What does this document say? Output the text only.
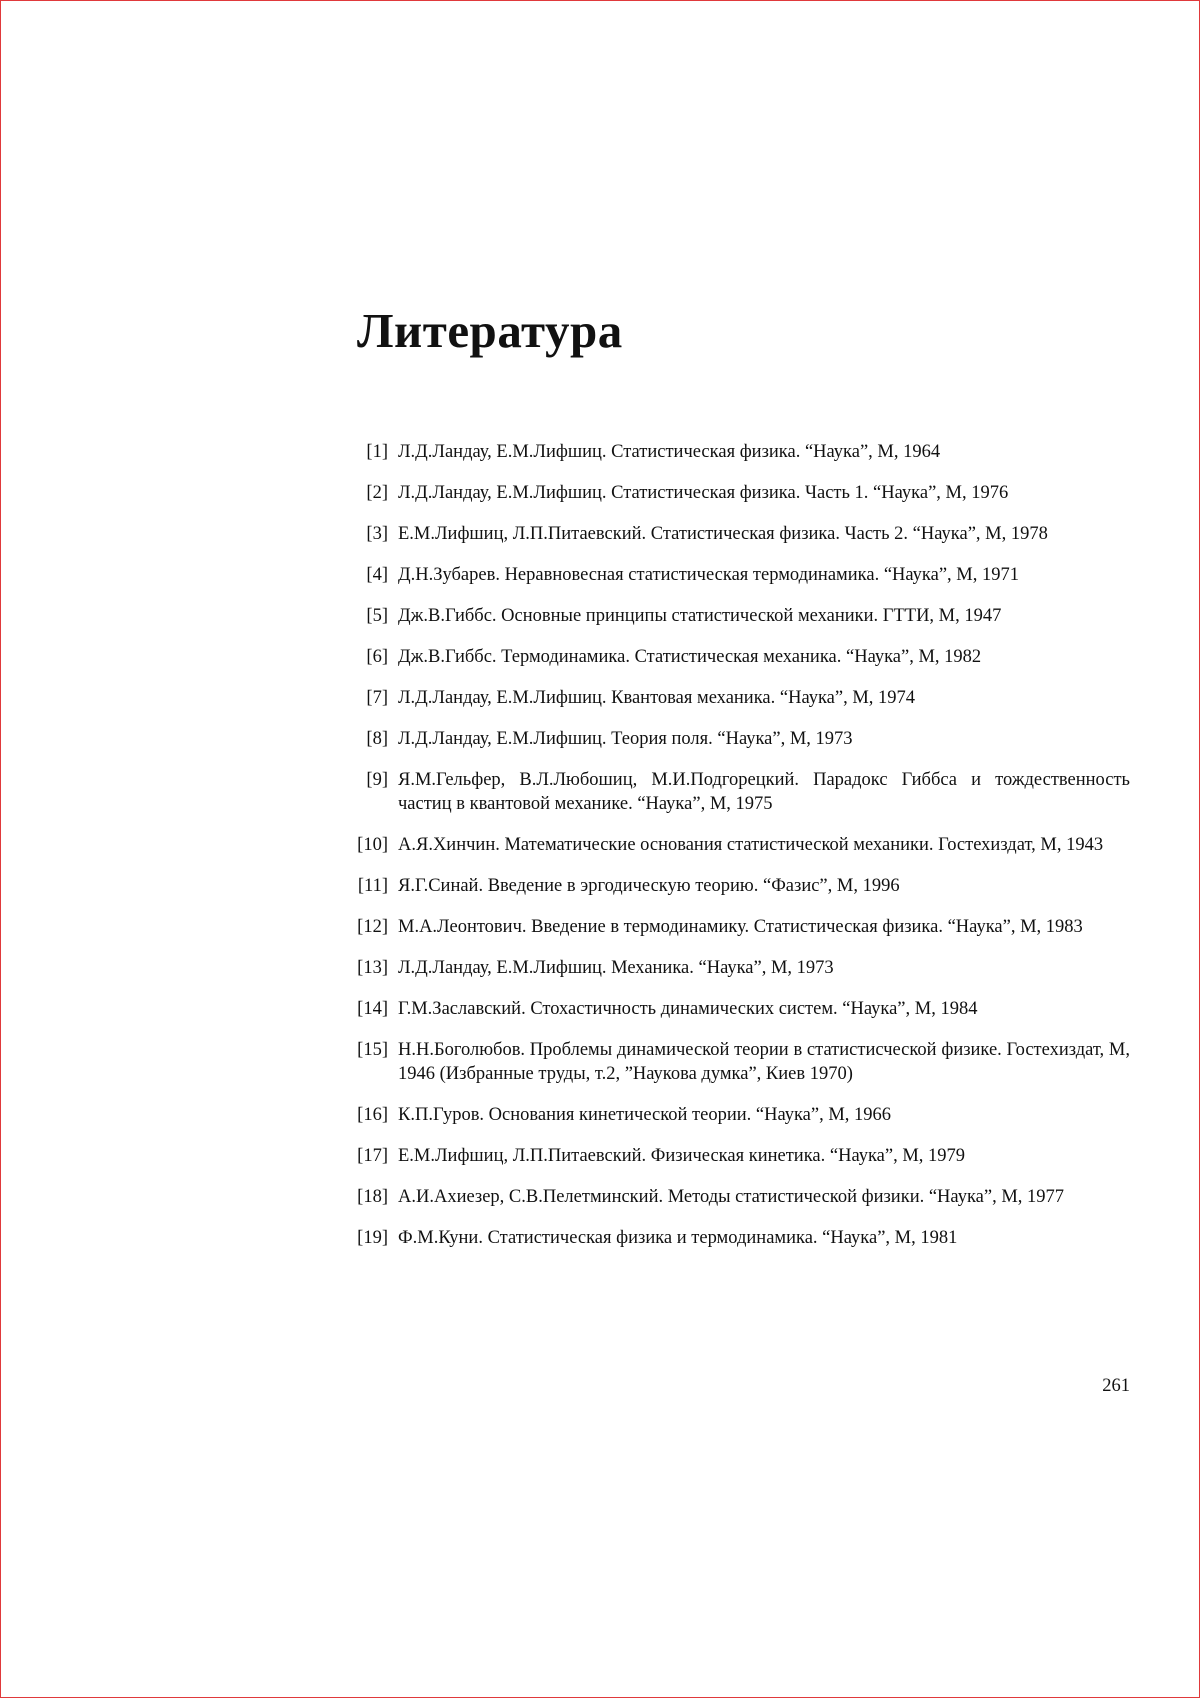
Литература
[1] Л.Д.Ландау, Е.М.Лифшиц. Статистическая физика. “Наука”, М, 1964
[2] Л.Д.Ландау, Е.М.Лифшиц. Статистическая физика. Часть 1. “Наука”, М, 1976
[3] Е.М.Лифшиц, Л.П.Питаевский. Статистическая физика. Часть 2. “Наука”, М, 1978
[4] Д.Н.Зубарев. Неравновесная статистическая термодинамика. “Наука”, М, 1971
[5] Дж.В.Гиббс. Основные принципы статистической механики. ГТТИ, М, 1947
[6] Дж.В.Гиббс. Термодинамика. Статистическая механика. “Наука”, М, 1982
[7] Л.Д.Ландау, Е.М.Лифшиц. Квантовая механика. “Наука”, М, 1974
[8] Л.Д.Ландау, Е.М.Лифшиц. Теория поля. “Наука”, М, 1973
[9] Я.М.Гельфер, В.Л.Любошиц, М.И.Подгорецкий. Парадокс Гиббса и тождественность частиц в квантовой механике. “Наука”, М, 1975
[10] А.Я.Хинчин. Математические основания статистической механики. Гостехиздат, М, 1943
[11] Я.Г.Синай. Введение в эргодическую теорию. “Фазис”, М, 1996
[12] М.А.Леонтович. Введение в термодинамику. Статистическая физика. “Наука”, М, 1983
[13] Л.Д.Ландау, Е.М.Лифшиц. Механика. “Наука”, М, 1973
[14] Г.М.Заславский. Стохастичность динамических систем. “Наука”, М, 1984
[15] Н.Н.Боголюбов. Проблемы динамической теории в статистисческой физике. Гостехиздат, М, 1946 (Избранные труды, т.2, ”Наукова думка”, Киев 1970)
[16] К.П.Гуров. Основания кинетической теории. “Наука”, М, 1966
[17] Е.М.Лифшиц, Л.П.Питаевский. Физическая кинетика. “Наука”, М, 1979
[18] А.И.Ахиезер, С.В.Пелетминский. Методы статистической физики. “Наука”, М, 1977
[19] Ф.М.Куни. Статистическая физика и термодинамика. “Наука”, М, 1981
261
